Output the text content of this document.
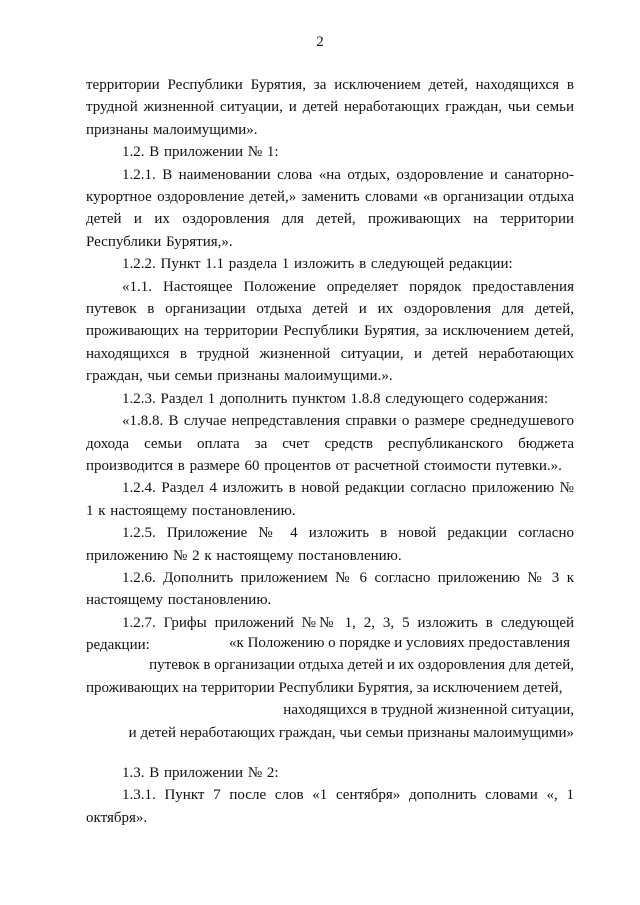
2

территории Республики Бурятия, за исключением детей, находящихся в трудной жизненной ситуации, и детей неработающих граждан, чьи семьи признаны малоимущими».

1.2. В приложении № 1:

1.2.1. В наименовании слова «на отдых, оздоровление и санаторно-курортное оздоровление детей,» заменить словами «в организации отдыха детей и их оздоровления для детей, проживающих на территории Республики Бурятия,».

1.2.2. Пункт 1.1 раздела 1 изложить в следующей редакции:

«1.1. Настоящее Положение определяет порядок предоставления путевок в организации отдыха детей и их оздоровления для детей, проживающих на территории Республики Бурятия, за исключением детей, находящихся в трудной жизненной ситуации, и детей неработающих граждан, чьи семьи признаны малоимущими.».

1.2.3. Раздел 1 дополнить пунктом 1.8.8 следующего содержания:

«1.8.8. В случае непредставления справки о размере среднедушевого дохода семьи оплата за счет средств республиканского бюджета производится в размере 60 процентов от расчетной стоимости путевки.».

1.2.4. Раздел 4 изложить в новой редакции согласно приложению № 1 к настоящему постановлению.

1.2.5. Приложение № 4 изложить в новой редакции согласно приложению № 2 к настоящему постановлению.

1.2.6. Дополнить приложением № 6 согласно приложению № 3 к настоящему постановлению.

1.2.7. Грифы приложений №№ 1, 2, 3, 5 изложить в следующей редакции:	«к Положению о порядке и условиях предоставления

путевок в организации отдыха детей и их оздоровления для детей,

проживающих на территории Республики Бурятия, за исключением детей,

находящихся в трудной жизненной ситуации,

и детей неработающих граждан, чьи семьи признаны малоимущими»

1.3. В приложении № 2:

1.3.1. Пункт 7 после слов «1 сентября» дополнить словами «, 1 октября».
